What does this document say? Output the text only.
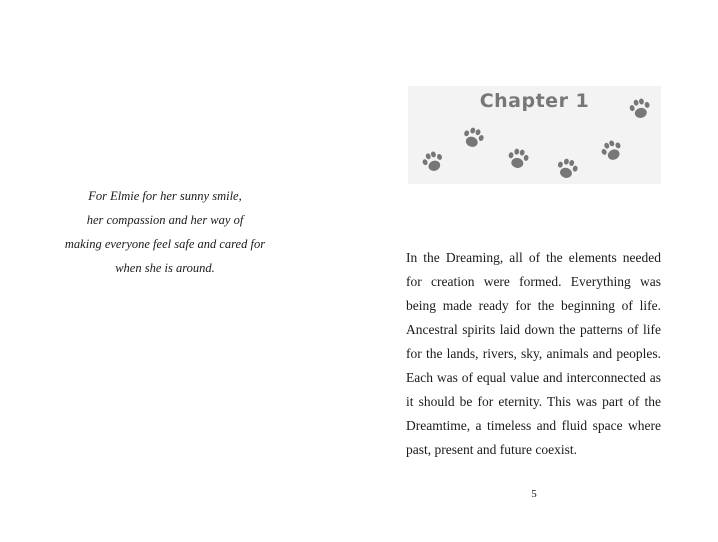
For Elmie for her sunny smile,
her compassion and her way of
making everyone feel safe and cared for
when she is around.
Chapter 1

In the Dreaming, all of the elements needed for creation were formed. Everything was being made ready for the beginning of life. Ancestral spirits laid down the patterns of life for the lands, rivers, sky, animals and peoples. Each was of equal value and interconnected as it should be for eternity. This was part of the Dreamtime, a timeless and fluid space where past, present and future coexist.

5
